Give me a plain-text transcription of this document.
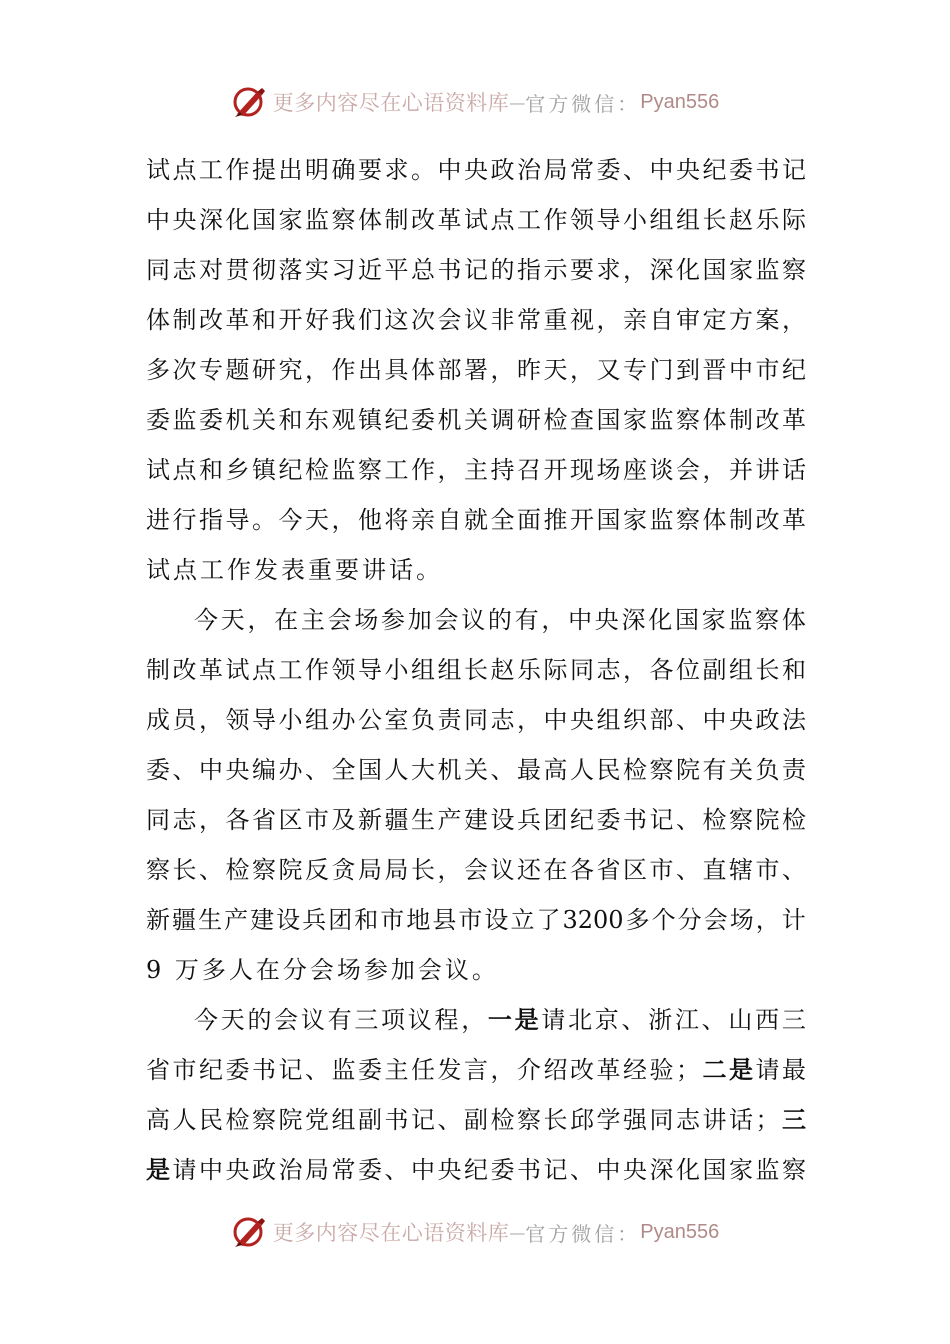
更多内容尽在心语资料库 — 官方微信： Pyan556
试 点 工 作 提 出 明 确 要 求 。 中 央 政 治 局 常 委 、 中 央 纪 委 书 记
中 央 深 化 国 家 监 察 体 制 改 革 试 点 工 作 领 导 小 组 组 长 赵 乐 际
同 志 对 贯 彻 落 实 习 近 平 总 书 记 的 指 示 要 求 ， 深 化 国 家 监 察
体 制 改 革 和 开 好 我 们 这 次 会 议 非 常 重 视 ， 亲 自 审 定 方 案 ，
多 次 专 题 研 究 ， 作 出 具 体 部 署 ， 昨 天 ， 又 专 门 到 晋 中 市 纪
委 监 委 机 关 和 东 观 镇 纪 委 机 关 调 研 检 查 国 家 监 察 体 制 改 革
试 点 和 乡 镇 纪 检 监 察 工 作 ， 主 持 召 开 现 场 座 谈 会 ， 并 讲 话
进 行 指 导 。 今 天 ， 他 将 亲 自 就 全 面 推 开 国 家 监 察 体 制 改 革
试点工作发表重要讲话。
今 天 ， 在 主 会 场 参 加 会 议 的 有 ， 中 央 深 化 国 家 监 察 体
制 改 革 试 点 工 作 领 导 小 组 组 长 赵 乐 际 同 志 ， 各 位 副 组 长 和
成 员 ， 领 导 小 组 办 公 室 负 责 同 志 ， 中 央 组 织 部 、 中 央 政 法
委 、 中 央 编 办 、 全 国 人 大 机 关 、 最 高 人 民 检 察 院 有 关 负 责
同 志 ， 各 省 区 市 及 新 疆 生 产 建 设 兵 团 纪 委 书 记 、 检 察 院 检
察 长 、 检 察 院 反 贪 局 局 长 ， 会 议 还 在 各 省 区 市 、 直 辖 市 、
新 疆 生 产 建 设 兵 团 和 市 地 县 市 设 立 了 3200 多 个 分 会 场 ， 计
9 万多人在分会场参加会议。
今 天 的 会 议 有 三 项 议 程 ， 一 是 请 北 京 、 浙 江 、 山 西 三
省 市 纪 委 书 记 、 监 委 主 任 发 言 ， 介 绍 改 革 经 验 ； 二 是 请 最
高 人 民 检 察 院 党 组 副 书 记 、 副 检 察 长 邱 学 强 同 志 讲 话 ； 三
是 请 中 央 政 治 局 常 委 、 中 央 纪 委 书 记 、 中 央 深 化 国 家 监 察
更多内容尽在心语资料库 — 官方微信： Pyan556
